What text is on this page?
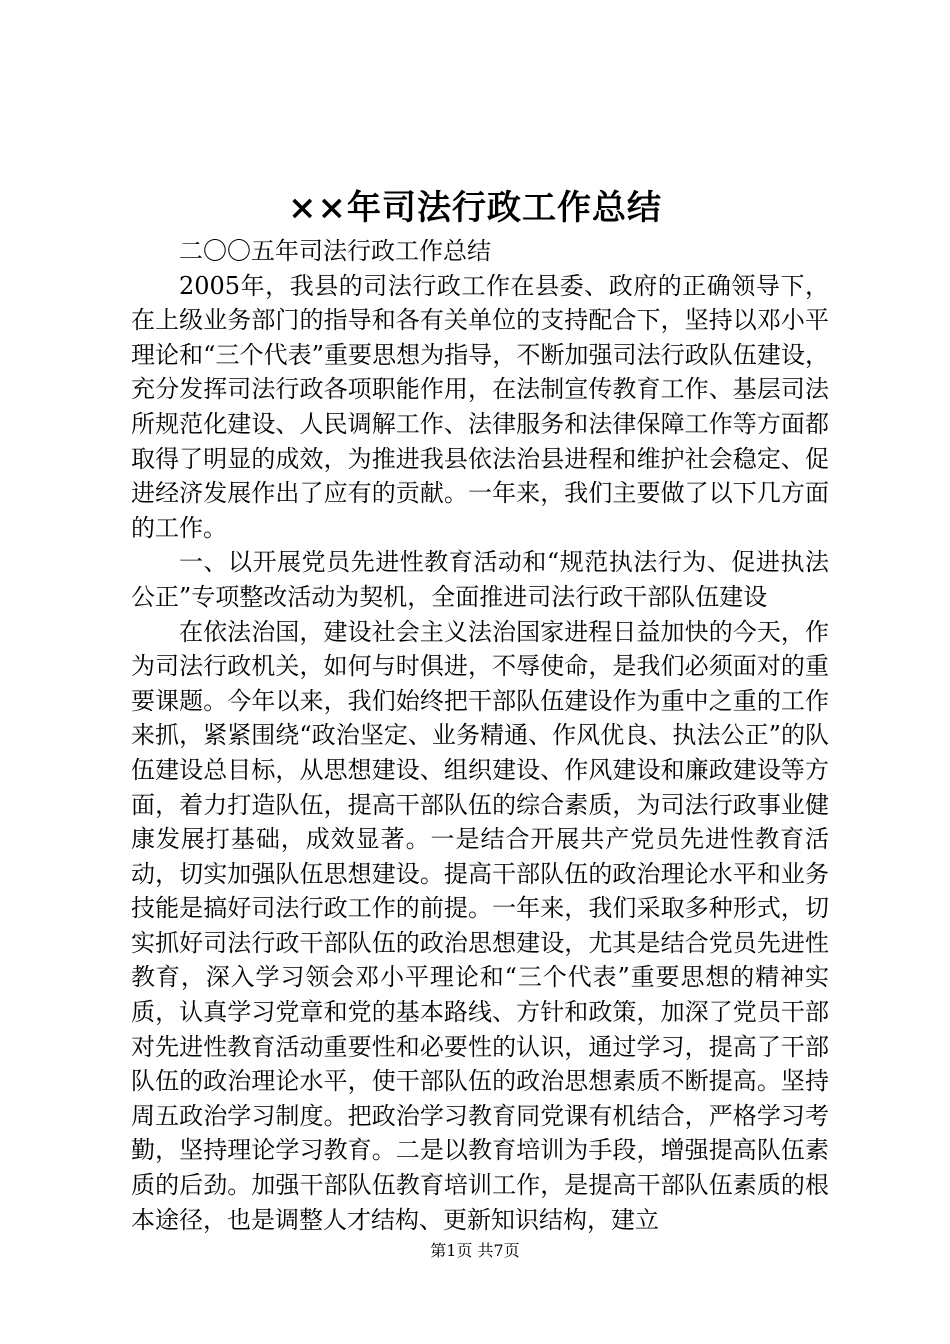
××年司法行政工作总结

二〇〇五年司法行政工作总结

2005年，我县的司法行政工作在县委、政府的正确领导下，在上级业务部门的指导和各有关单位的支持配合下，坚持以邓小平理论和“三个代表”重要思想为指导，不断加强司法行政队伍建设，充分发挥司法行政各项职能作用，在法制宣传教育工作、基层司法所规范化建设、人民调解工作、法律服务和法律保障工作等方面都取得了明显的成效，为推进我县依法治县进程和维护社会稳定、促进经济发展作出了应有的贡献。一年来，我们主要做了以下几方面的工作。

一、以开展党员先进性教育活动和“规范执法行为、促进执法公正”专项整改活动为契机，全面推进司法行政干部队伍建设

在依法治国，建设社会主义法治国家进程日益加快的今天，作为司法行政机关，如何与时俱进，不辱使命，是我们必须面对的重要课题。今年以来，我们始终把干部队伍建设作为重中之重的工作来抓，紧紧围绕“政治坚定、业务精通、作风优良、执法公正”的队伍建设总目标，从思想建设、组织建设、作风建设和廉政建设等方面，着力打造队伍，提高干部队伍的综合素质，为司法行政事业健康发展打基础，成效显著。一是结合开展共产党员先进性教育活动，切实加强队伍思想建设。提高干部队伍的政治理论水平和业务技能是搞好司法行政工作的前提。一年来，我们采取多种形式，切实抓好司法行政干部队伍的政治思想建设，尤其是结合党员先进性教育，深入学习领会邓小平理论和“三个代表”重要思想的精神实质，认真学习党章和党的基本路线、方针和政策，加深了党员干部对先进性教育活动重要性和必要性的认识，通过学习，提高了干部队伍的政治理论水平，使干部队伍的政治思想素质不断提高。坚持周五政治学习制度。把政治学习教育同党课有机结合，严格学习考勤，坚持理论学习教育。二是以教育培训为手段，增强提高队伍素质的后劲。加强干部队伍教育培训工作，是提高干部队伍素质的根本途径，也是调整人才结构、更新知识结构，建立

第1页 共7页
